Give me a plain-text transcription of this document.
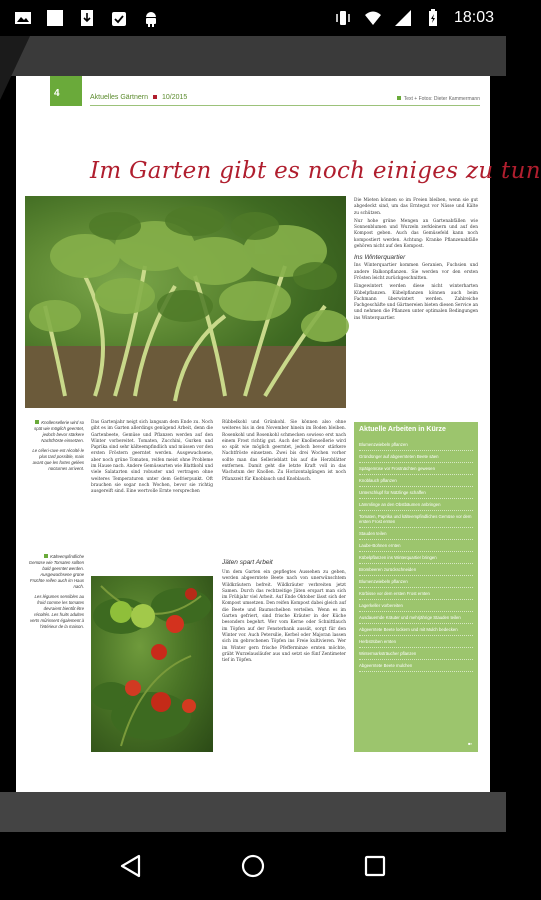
18:03
4	Aktuelles Gärtnern 10/2015	Text + Fotos: Dieter Kammermann
Im Garten gibt es noch einiges zu tun

Die Mieten können so im Freien bleiben, wenn sie gut abgedeckt sind, um das Erntegut vor Nässe und Kälte zu schützen.

Nur hohe grüne Mengen an Gartenabfällen wie Sonnenblumen und Wurzeln zerkleinern und auf den Kompost geben. Auch das Gemüsefeld kann noch kompostiert werden. Achtung: Kranke Pflanzenabfälle gehören nicht auf den Kompost.

Ins Winterquartier

Ins Winterquartier kommen Geranien, Fuchsien und andere Balkonpflanzen. Sie werden vor den ersten Frösten leicht zurückgeschnitten.

Eingewintert werden diese nicht winterharten Kübelpflanzen. Kübelpflanzen können auch beim Fachmann überwintert werden. Zahlreiche Fachgeschäfte und Gärtnereien bieten diesen Service an und nehmen die Pflanzen unter optimalen Bedingungen ins Winterquartier.

Knollensellerie wird so spät wie möglich geerntet, jedoch bevor stärkere Nachtfröste einsetzen.

Le céleri-rave est récolté le plus tard possible, mais avant que les fortes gelées nocturnes arrivent.

Kälteempfindliche Gemüse wie Tomaten sollten bald geerntet werden. Ausgewachsene grüne Früchte reifen auch im Haus nach.

Les légumes sensibles au froid comme les tomates devraient bientôt être récoltés. Les fruits adultes verts mûrissent également à l'intérieur de la maison.

Das Gartenjahr neigt sich langsam dem Ende zu. Noch gibt es im Garten allerdings genügend Arbeit, denn die Gartenbeete, Gemüse und Pflanzen werden auf den Winter vorbereitet. Tomaten, Zucchini, Gurken und Paprika sind sehr kälteempfindlich und müssen vor den ersten Fröstern geerntet werden. Ausgewachsene, aber noch grüne Tomaten, reifen meist ohne Probleme im Hause nach. Andere Gemüsearten wie Blattkohl und viele Salatarten sind robuster und vertragen ohne weiteres Temperaturen unter dem Gefrierpunkt. Oft brauchen sie sogar noch Wochen, bevor sie richtig ausgereift sind. Eine wertvolle Ernte versprechen
Rübbelkohl und Grünkohl. Sie können also ohne weiteres bis in den November hinein im Boden bleiben. Rosenkohl und Rosenkohl schmecken sowieso erst nach einem Frost richtig gut. Auch der Knollensellerie wird so spät wie möglich geerntet, jedoch bevor stärkere Nachtfröste einsetzen. Zwei bis drei Wochen vorher sollte man das Sellerieblatt bis auf die Herzblätter entfernen. Damit geht die letzte Kraft voll in das Wachstum der Knollen. Zu Horizontalgängen ist noch Pflanzzeit für Knoblauch und Knoblauch.
Jäten spart Arbeit
Um dem Garten ein gepflegtes Aussehen zu geben, werden abgeerntete Beete nach von unerwünschtem Wildkräutern befreit. Wildkräuter verbreiten jetzt Samen. Durch das rechtzeitige Jäten erspart man sich im Frühjahr viel Arbeit. Auf Ende Oktober lässt sich der Kompost umsetzen. Den reifen Kompost dabei gleich auf die Beete und Baumscheiben verteilen. Wenn es im Garten gefriert, sind frische Kräuter in der Küche besonders begehrt. Wer vom Kerne oder Schnittlauch im Töpfen auf der Fensterbank aussät, sorgt für den Winter vor. Auch Petersilie, Kerbel oder Majoran lassen sich im gebrochenen Töpfen ins Freie kultivieren. Wer im Winter gern frische Pfefferminze ernten möchte, gräbt Wurzelausläufer aus und setzt sie fünf Zentimeter tief in Töpfen.
Aktuelle Arbeiten in Kürze
Blumenzwiebeln pflanzen
Gründünger auf abgeernteten Beete säen
Spätgemüse vor Frostnächten gewesen
Knoblauch pflanzen
Unterschlupf für Nützlinge schaffen
Lämmlinge an den Obstbäumen anbringen
Tomaten, Paprika und kälteempfindliches Gemüse vor dem ersten Frost ernten
Stauden teilen
Laube-Bohnen ernten
Kübelpflanzen ins Winterquartier bringen
Brombeeren zurückschneiden
Blumenzwiebeln pflanzen
Kürbisse vor dem ersten Frost ernten
Lagerkeller vorbereiten
Ausdauernde Kräuter und mehrjährige Stauden teilen
Abgeerntete Beete lockern und mit Mulch bedecken
Herbstrüben ernten
Wintermarksträucher pflanzen
Abgeerntete Beete mulchen
■▪
